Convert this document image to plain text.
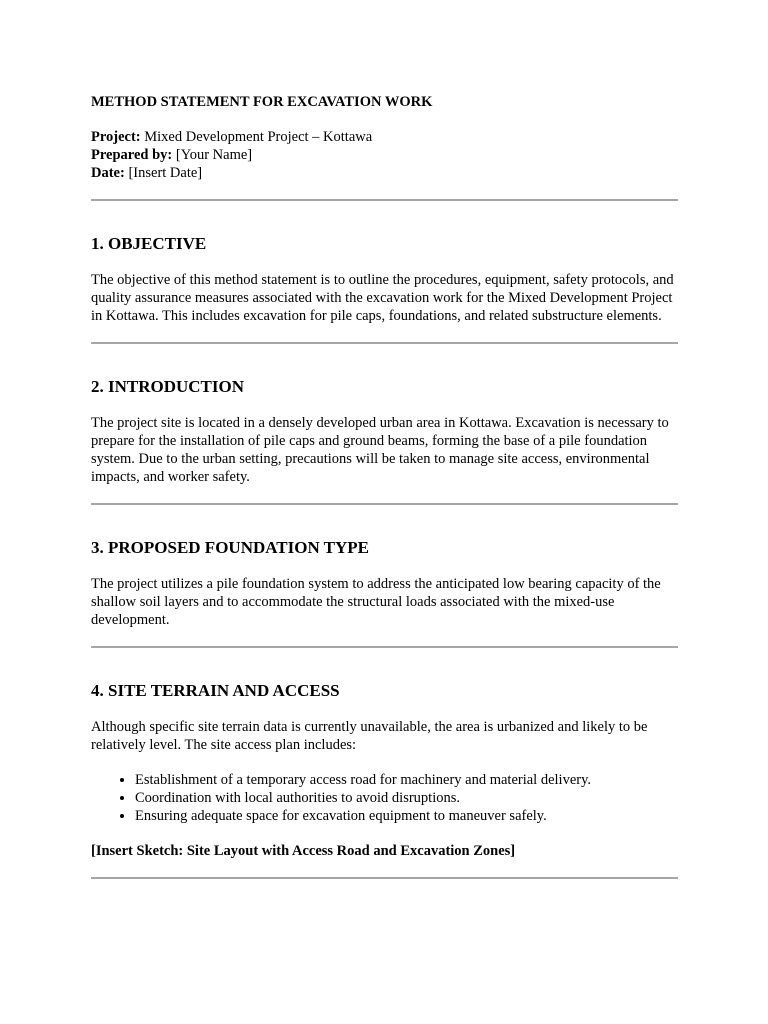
METHOD STATEMENT FOR EXCAVATION WORK

Project: Mixed Development Project – Kottawa
Prepared by: [Your Name]
Date: [Insert Date]
1. OBJECTIVE

The objective of this method statement is to outline the procedures, equipment, safety protocols, and quality assurance measures associated with the excavation work for the Mixed Development Project in Kottawa. This includes excavation for pile caps, foundations, and related substructure elements.

2. INTRODUCTION

The project site is located in a densely developed urban area in Kottawa. Excavation is necessary to prepare for the installation of pile caps and ground beams, forming the base of a pile foundation system. Due to the urban setting, precautions will be taken to manage site access, environmental impacts, and worker safety.

3. PROPOSED FOUNDATION TYPE

The project utilizes a pile foundation system to address the anticipated low bearing capacity of the shallow soil layers and to accommodate the structural loads associated with the mixed-use development.

4. SITE TERRAIN AND ACCESS

Although specific site terrain data is currently unavailable, the area is urbanized and likely to be relatively level. The site access plan includes:

• Establishment of a temporary access road for machinery and material delivery.
• Coordination with local authorities to avoid disruptions.
• Ensuring adequate space for excavation equipment to maneuver safely.

[Insert Sketch: Site Layout with Access Road and Excavation Zones]
